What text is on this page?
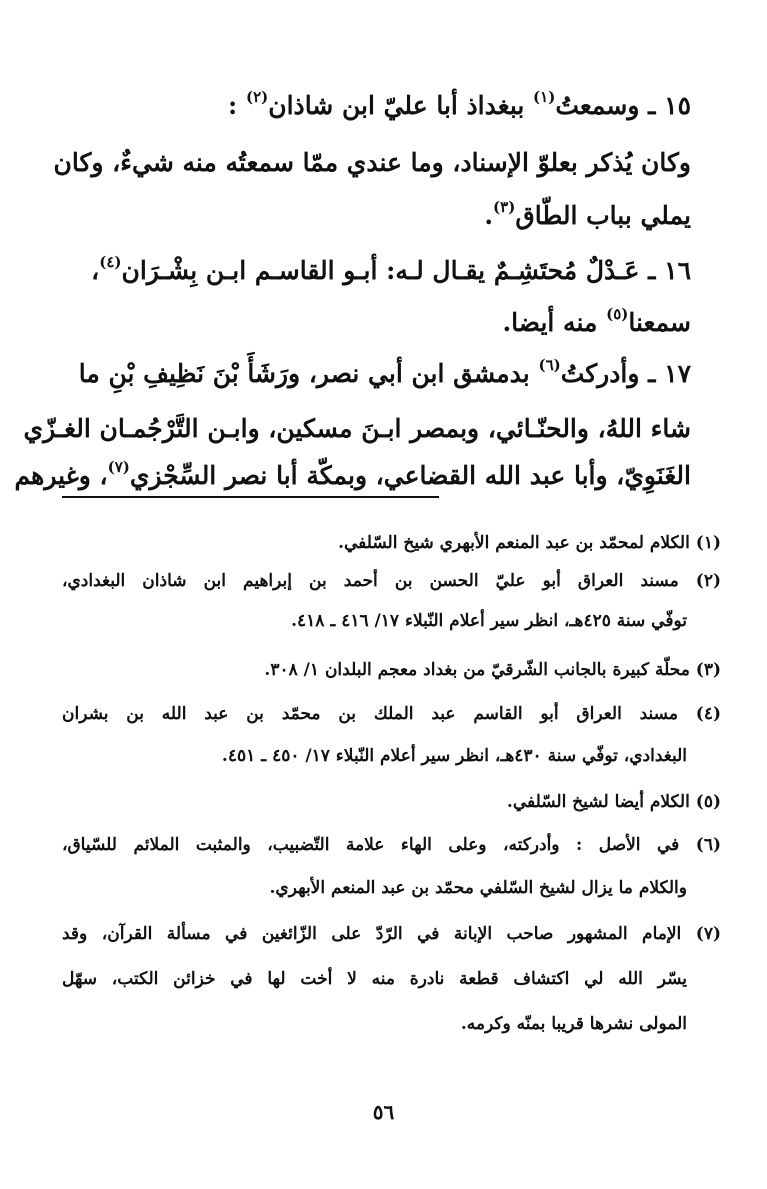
١٥ ـ وسمعتُ$^{(١)}$ ببغداذ أبا عليّ ابن شاذان$^{(٢)}$ :
وكان يُذكر بعلوّ الإسناد، وما عندي ممّا سمعتُه منه شيءٌ، وكان
يملي بباب الطّاق$^{(٣)}$.
١٦ ـ عَـدْلٌ مُحتَشِـمٌ يقـال لـه: أبـو القاسـم ابـن بِشْـرَان$^{(٤)}$،
سمعنا$^{(٥)}$ منه أيضا.
١٧ ـ وأدركتُ$^{(٦)}$ بدمشق ابن أبي نصر، ورَشَأَ بْنَ نَظِيفِ بْنِ ما
شاء اللهُ، والحنّـائي، وبمصر ابـنَ مسكين، وابـن التَّرْجُمـان الغـزّي
الغَنَوِيّ، وأبا عبد الله القضاعي، وبمكّة أبا نصر السِّجْزي$^{(٧)}$، وغيرهم
(١) الكلام لمحمّد بن عبد المنعم الأبهري شيخ السّلفي.
(٢) مسند العراق أبو عليّ الحسن بن أحمد بن إبراهيم ابن شاذان البغدادي،
توفّي سنة ٤٢٥هـ، انظر سير أعلام النّبلاء ١٧/ ٤١٦ ـ ٤١٨.
(٣) محلّة كبيرة بالجانب الشّرقيّ من بغداد معجم البلدان ١/ ٣٠٨.
(٤) مسند العراق أبو القاسم عبد الملك بن محمّد بن عبد الله بن بشران
البغدادي، توفّي سنة ٤٣٠هـ، انظر سير أعلام النّبلاء ١٧/ ٤٥٠ ـ ٤٥١.
(٥) الكلام أيضا لشيخ السّلفي.
(٦) في الأصل : وأدركته، وعلى الهاء علامة التّضبيب، والمثبت الملائم للسّياق،
والكلام ما يزال لشيخ السّلفي محمّد بن عبد المنعم الأبهري.
(٧) الإمام المشهور صاحب الإبانة في الرّدّ على الزّائغين في مسألة القرآن، وقد
يسّر الله لي اكتشاف قطعة نادرة منه لا أخت لها في خزائن الكتب، سهّل
المولى نشرها قريبا بمنّه وكرمه.
٥٦
